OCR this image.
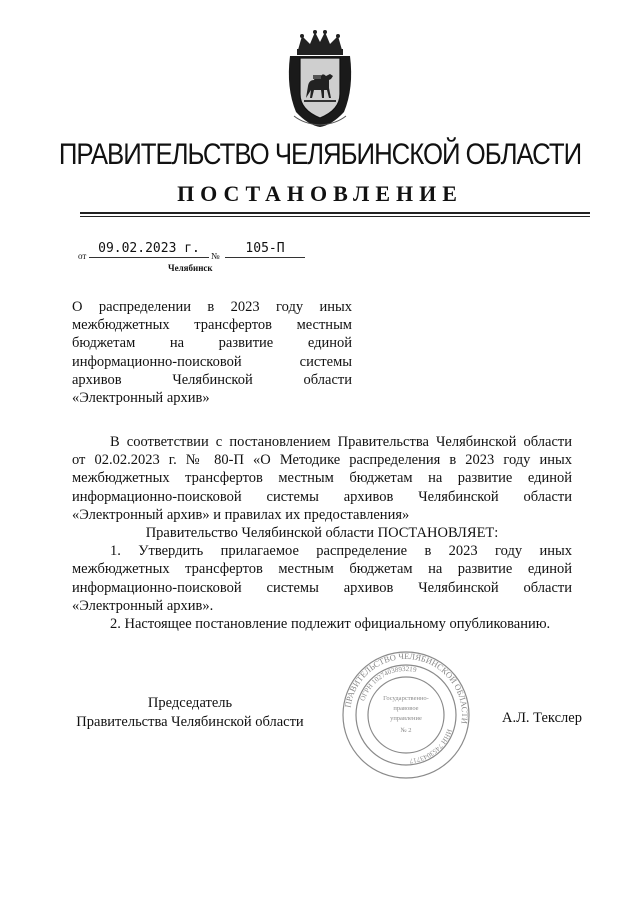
ПРАВИТЕЛЬСТВО ЧЕЛЯБИНСКОЙ ОБЛАСТИ
ПОСТАНОВЛЕНИЕ
от 09.02.2023 г.	№	105-П
Челябинск
О распределении в 2023 году иных
межбюджетных трансфертов местным
бюджетам на развитие единой
информационно-поисковой системы
архивов Челябинской области
«Электронный архив»
В соответствии с постановлением Правительства Челябинской области
от 02.02.2023 г. № 80-П «О Методике распределения в 2023 году иных
межбюджетных трансфертов местным бюджетам на развитие единой
информационно-поисковой системы архивов Челябинской области
«Электронный архив» и правилах их предоставления»
Правительство Челябинской области ПОСТАНОВЛЯЕТ:
1. Утвердить прилагаемое распределение в 2023 году иных
межбюджетных трансфертов местным бюджетам на развитие единой
информационно-поисковой системы архивов Челябинской области
«Электронный архив».
2. Настоящее постановление подлежит официальному опубликованию.
Председатель
Правительства Челябинской области	А.Л. Текслер
ПРАВИТЕЛЬСТВО ЧЕЛЯБИНСКОЙ ОБЛАСТИ
ОГРН 1027403893219
ИНН 7453043717
Государственно-
правовое
управление
№ 2
